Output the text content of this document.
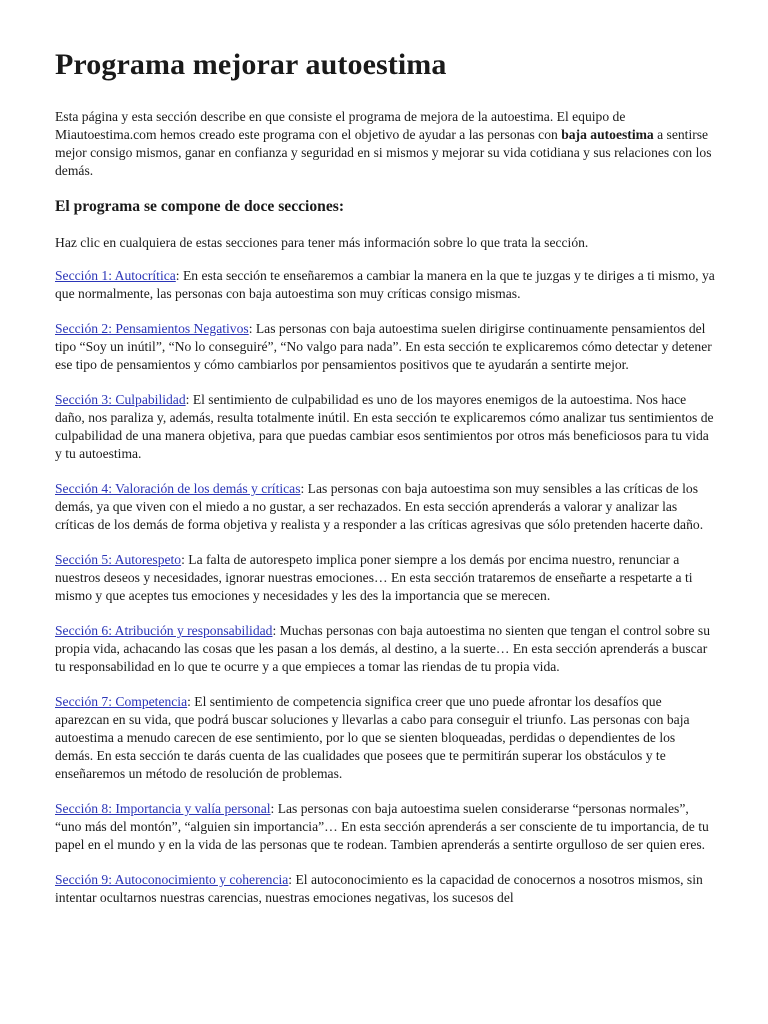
Programa mejorar autoestima

Esta página y esta sección describe en que consiste el programa de mejora de la autoestima. El equipo de Miautoestima.com hemos creado este programa con el objetivo de ayudar a las personas con baja autoestima a sentirse mejor consigo mismos, ganar en confianza y seguridad en si mismos y mejorar su vida cotidiana y sus relaciones con los demás.

El programa se compone de doce secciones:

Haz clic en cualquiera de estas secciones para tener más información sobre lo que trata la sección.

Sección 1: Autocrítica: En esta sección te enseñaremos a cambiar la manera en la que te juzgas y te diriges a ti mismo, ya que normalmente, las personas con baja autoestima son muy críticas consigo mismas.

Sección 2: Pensamientos Negativos: Las personas con baja autoestima suelen dirigirse continuamente pensamientos del tipo “Soy un inútil”, “No lo conseguiré”, “No valgo para nada”. En esta sección te explicaremos cómo detectar y detener ese tipo de pensamientos y cómo cambiarlos por pensamientos positivos que te ayudarán a sentirte mejor.

Sección 3: Culpabilidad: El sentimiento de culpabilidad es uno de los mayores enemigos de la autoestima. Nos hace daño, nos paraliza y, además, resulta totalmente inútil. En esta sección te explicaremos cómo analizar tus sentimientos de culpabilidad de una manera objetiva, para que puedas cambiar esos sentimientos por otros más beneficiosos para tu vida y tu autoestima.

Sección 4: Valoración de los demás y críticas: Las personas con baja autoestima son muy sensibles a las críticas de los demás, ya que viven con el miedo a no gustar, a ser rechazados. En esta sección aprenderás a valorar y analizar las críticas de los demás de forma objetiva y realista y a responder a las críticas agresivas que sólo pretenden hacerte daño.

Sección 5: Autorespeto: La falta de autorespeto implica poner siempre a los demás por encima nuestro, renunciar a nuestros deseos y necesidades, ignorar nuestras emociones… En esta sección trataremos de enseñarte a respetarte a ti mismo y que aceptes tus emociones y necesidades y les des la importancia que se merecen.

Sección 6: Atribución y responsabilidad: Muchas personas con baja autoestima no sienten que tengan el control sobre su propia vida, achacando las cosas que les pasan a los demás, al destino, a la suerte… En esta sección aprenderás a buscar tu responsabilidad en lo que te ocurre y a que empieces a tomar las riendas de tu propia vida.

Sección 7: Competencia: El sentimiento de competencia significa creer que uno puede afrontar los desafíos que aparezcan en su vida, que podrá buscar soluciones y llevarlas a cabo para conseguir el triunfo. Las personas con baja autoestima a menudo carecen de ese sentimiento, por lo que se sienten bloqueadas, perdidas o dependientes de los demás. En esta sección te darás cuenta de las cualidades que posees que te permitirán superar los obstáculos y te enseñaremos un método de resolución de problemas.

Sección 8: Importancia y valía personal: Las personas con baja autoestima suelen considerarse “personas normales”, “uno más del montón”, “alguien sin importancia”… En esta sección aprenderás a ser consciente de tu importancia, de tu papel en el mundo y en la vida de las personas que te rodean. Tambien aprenderás a sentirte orgulloso de ser quien eres.

Sección 9: Autoconocimiento y coherencia: El autoconocimiento es la capacidad de conocernos a nosotros mismos, sin intentar ocultarnos nuestras carencias, nuestras emociones negativas, los sucesos del
